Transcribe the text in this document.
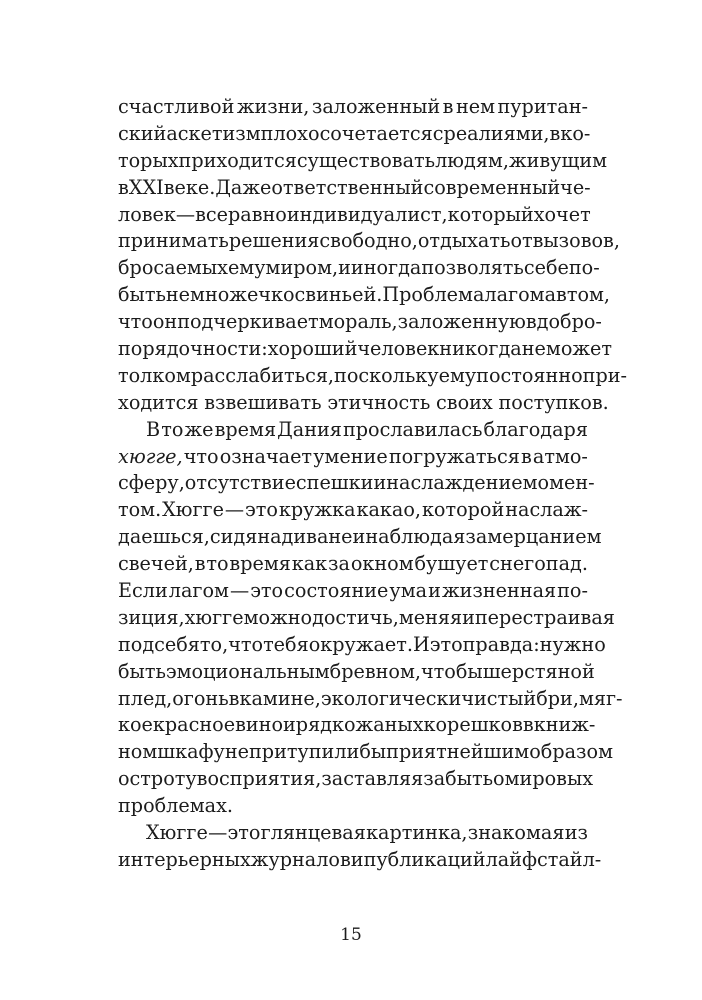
счастливой жизни, заложенный в нем пуритан-
ский аскетизм плохо сочетается с реалиями, в ко-
торых приходится существовать людям, живущим
в XXI веке. Даже ответственный современный че-
ловек — все равно индивидуалист, который хочет
принимать решения свободно, отдыхать от вызовов,
бросаемых ему миром, и иногда позволять себе по-
быть немножечко свиньей. Проблема лагома в том,
что он подчеркивает мораль, заложенную в добро-
порядочности: хороший человек никогда не может
толком расслабиться, поскольку ему постоянно при-
ходится взвешивать этичность своих поступков.
В то же время Дания прославилась благодаря
хюгге, что означает умение погружаться в атмо-
сферу, отсутствие спешки и наслаждение момен-
том. Хюгге — это кружка какао, которой наслаж-
даешься, сидя на диване и наблюдая за мерцанием
свечей, в то время как за окном бушует снегопад.
Если лагом — это состояние ума и жизненная по-
зиция, хюгге можно достичь, меняя и перестраивая
под себя то, что тебя окружает. И это правда: нужно
быть эмоциональным бревном, чтобы шерстяной
плед, огонь в камине, экологически чистый бри, мяг-
кое красное вино и ряд кожаных корешков в книж-
ном шкафу не притупили бы приятнейшим образом
остроту восприятия, заставляя забыть о мировых
проблемах.
Хюгге — это глянцевая картинка, знакомая из
интерьерных журналов и публикаций лайфстайл-
15
